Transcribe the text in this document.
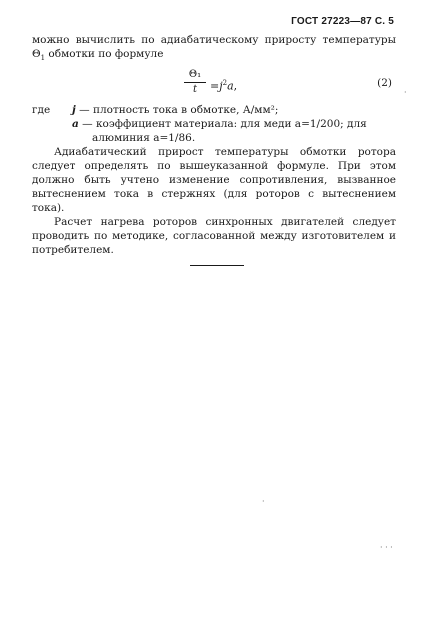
ГОСТ 27223—87 С. 5

можно вычислить по адиабатическому приросту температуры $\Theta_1$ обмотки по формуле

$\frac{\text{Θ₁}}{t} =j^2a$,	(2)
где j — плотность тока в обмотке, А/мм²;
a — коэффициент материала: для меди a=1/200; для алюминия a=1/86.

Адиабатический прирост температуры обмотки ротора следует определять по вышеуказанной формуле. При этом должно быть учтено изменение сопротивления, вызванное вытеснением тока в стержнях (для роторов с вытеснением тока).

Расчет нагрева роторов синхронных двигателей следует проводить по методике, согласованной между изготовителем и потребителем.

·
· · ·
·
